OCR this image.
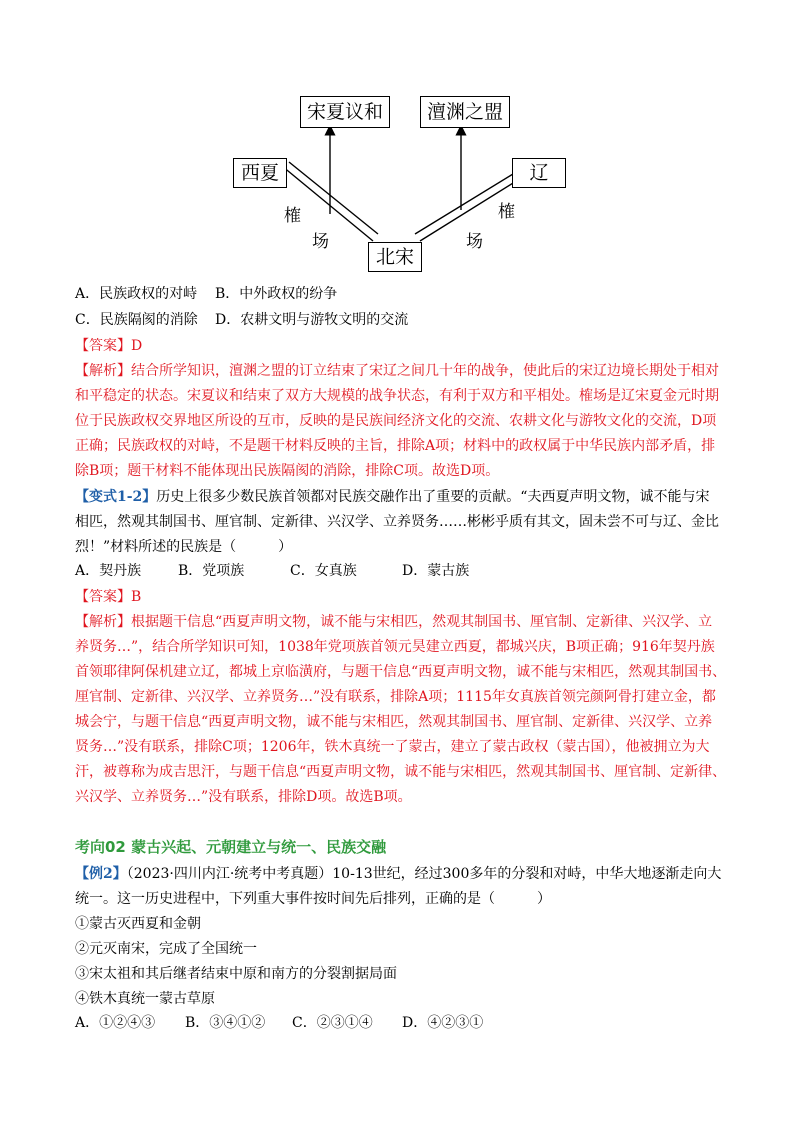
宋夏议和	澶渊之盟
西夏	辽
北宋
榷
场
榷
场
A．民族政权的对峙 B．中外政权的纷争
C．民族隔阂的消除 D．农耕文明与游牧文明的交流
【答案】D
【解析】结合所学知识，澶渊之盟的订立结束了宋辽之间几十年的战争，使此后的宋辽边境长期处于相对
和平稳定的状态。宋夏议和结束了双方大规模的战争状态，有利于双方和平相处。榷场是辽宋夏金元时期
位于民族政权交界地区所设的互市，反映的是民族间经济文化的交流、农耕文化与游牧文化的交流，D项
正确；民族政权的对峙，不是题干材料反映的主旨，排除A项；材料中的政权属于中华民族内部矛盾，排
除B项；题干材料不能体现出民族隔阂的消除，排除C项。故选D项。
【变式1-2】历史上很多少数民族首领都对民族交融作出了重要的贡献。“夫西夏声明文物，诚不能与宋
相匹，然观其制国书、厘官制、定新律、兴汉学、立养贤务……彬彬乎质有其文，固未尝不可与辽、金比
烈！”材料所述的民族是（　　　）
A．契丹族	B．党项族	C．女真族	D．蒙古族
【答案】B
【解析】根据题干信息“西夏声明文物，诚不能与宋相匹，然观其制国书、厘官制、定新律、兴汉学、立
养贤务…”，结合所学知识可知，1038年党项族首领元昊建立西夏，都城兴庆，B项正确；916年契丹族
首领耶律阿保机建立辽，都城上京临潢府，与题干信息“西夏声明文物，诚不能与宋相匹，然观其制国书、
厘官制、定新律、兴汉学、立养贤务…”没有联系，排除A项；1115年女真族首领完颜阿骨打建立金，都
城会宁，与题干信息“西夏声明文物，诚不能与宋相匹，然观其制国书、厘官制、定新律、兴汉学、立养
贤务…”没有联系，排除C项；1206年，铁木真统一了蒙古，建立了蒙古政权（蒙古国），他被拥立为大
汗，被尊称为成吉思汗，与题干信息“西夏声明文物，诚不能与宋相匹，然观其制国书、厘官制、定新律、
兴汉学、立养贤务…”没有联系，排除D项。故选B项。
考向02 蒙古兴起、元朝建立与统一、民族交融
【例2】（2023·四川内江·统考中考真题）10-13世纪，经过300多年的分裂和对峙，中华大地逐渐走向大
统一。这一历史进程中，下列重大事件按时间先后排列，正确的是（　　　）
①蒙古灭西夏和金朝
②元灭南宋，完成了全国统一
③宋太祖和其后继者结束中原和南方的分裂割据局面
④铁木真统一蒙古草原
A．①②④③ B．③④①② C．②③①④ D．④②③①
